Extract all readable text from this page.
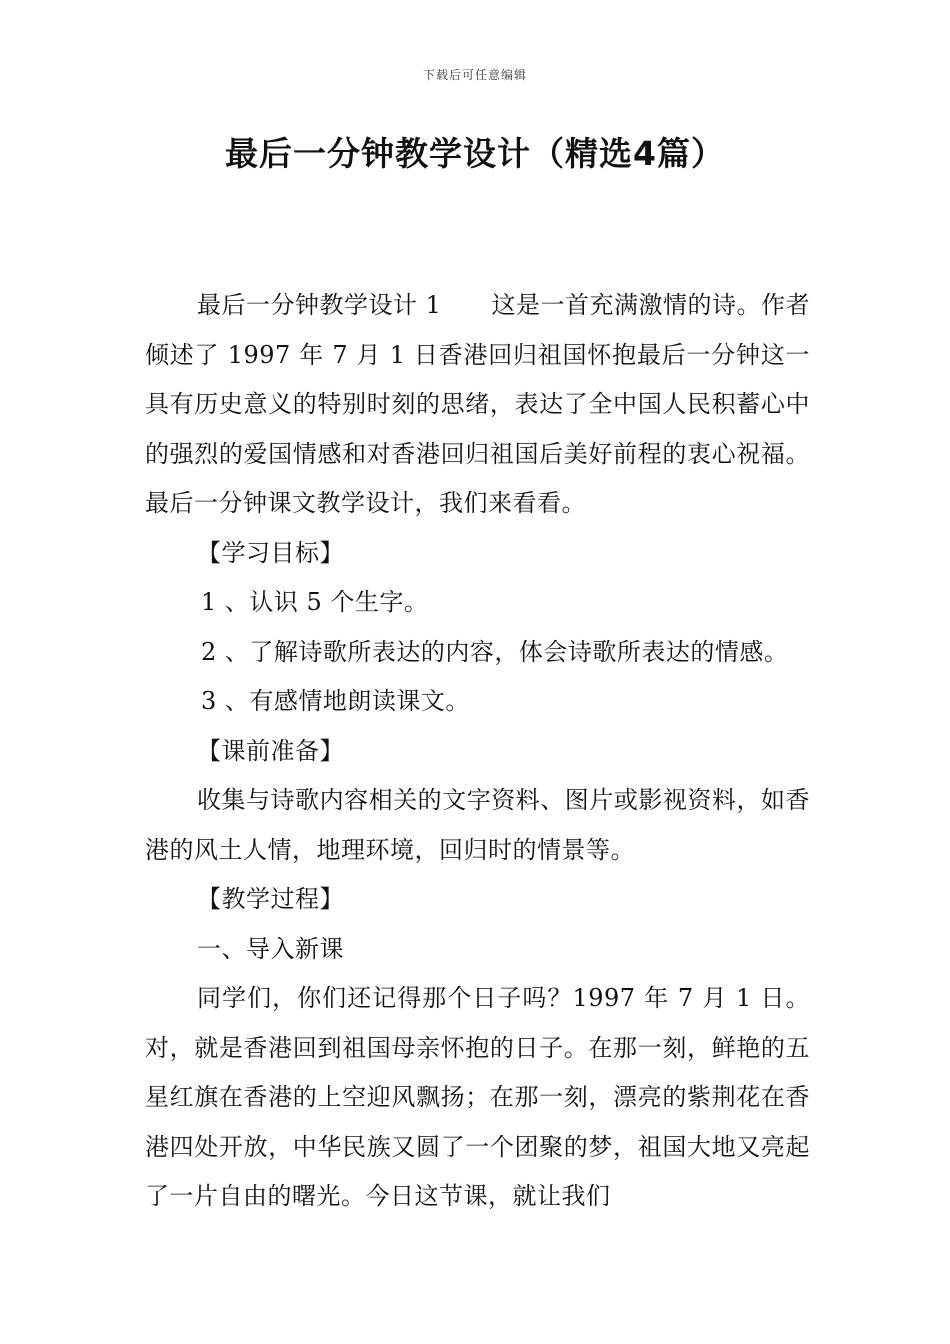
下载后可任意编辑
最后一分钟教学设计（精选4篇）

最后一分钟教学设计 1 这是一首充满激情的诗。作者倾述了 1997 年 7 月 1 日香港回归祖国怀抱最后一分钟这一具有历史意义的特别时刻的思绪，表达了全中国人民积蓄心中的强烈的爱国情感和对香港回归祖国后美好前程的衷心祝福。最后一分钟课文教学设计，我们来看看。

【学习目标】

1 、认识 5 个生字。

2 、了解诗歌所表达的内容，体会诗歌所表达的情感。

3 、有感情地朗读课文。

【课前准备】

收集与诗歌内容相关的文字资料、图片或影视资料，如香港的风土人情，地理环境，回归时的情景等。

【教学过程】

一、导入新课

同学们，你们还记得那个日子吗？1997 年 7 月 1 日。对，就是香港回到祖国母亲怀抱的日子。在那一刻，鲜艳的五星红旗在香港的上空迎风飘扬；在那一刻，漂亮的紫荆花在香港四处开放，中华民族又圆了一个团聚的梦，祖国大地又亮起了一片自由的曙光。今日这节课，就让我们
